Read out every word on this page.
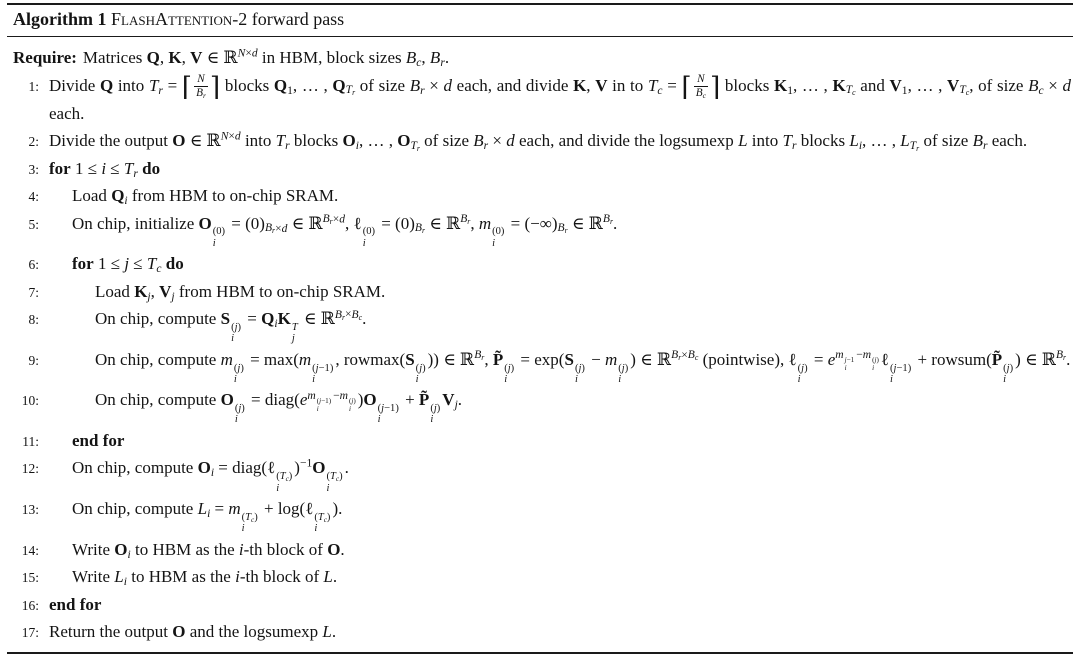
Algorithm 1 FlashAttention-2 forward pass
Require: Matrices Q, K, V ∈ ℝ$^{N\times d}$ in HBM, block sizes $B_c$, $B_r$.
1: Divide Q into $T_r$ = ⌈ $\frac{N}{B_r}$ ⌉ blocks $Q_1$, … , $Q_{T_r}$ of size $B_r \times d$ each, and divide K, V in to $T_c$ = ⌈ $\frac{N}{B_c}$ ⌉ blocks $K_1$, … , $K_{T_c}$ and $V_1$, … , $V_{T_c}$, of size $B_c \times d$ each.
2: Divide the output O ∈ ℝ$^{N\times d}$ into $T_r$ blocks $O_i$, … , $O_{T_r}$ of size $B_r \times d$ each, and divide the logsumexp L into $T_r$ blocks $L_i$, … , $L_{T_r}$ of size $B_r$ each.
3: for $1 \le i \le T_r$ do
4:	Load $Q_i$ from HBM to on-chip SRAM.
5:	On chip, initialize O (0)
i
= $(0)_{B_r\times d}$ ∈ ℝ$^{B_r\times d}$, ℓ (0)
i
= $(0)_{B_r}$ ∈ ℝ$^{B_r}$, m (0)
i
= $(-\infty)_{B_r}$ ∈ ℝ$^{B_r}$.
6:	for $1 \le j \le T_c$ do
7:	Load $K_j$, $V_j$ from HBM to on-chip SRAM.
8:	On chip, compute S (j)
i
= $Q_iK$ T
j
∈ ℝ$^{B_r\times B_c}$.
9:	On chip, compute m (j)
i
= max(m (j−1)
i
, rowmax(S (j)
i
)) ∈ ℝ$^{B_r}$, P̃ (j)
i
= exp(S (j)
i
− m (j)
i
) ∈ ℝ$^{B_r\times B_c}$ (pointwise), ℓ (j)
i
= $e^{m j-1 i -m (j) i}$ ℓ (j−1)
i
+ rowsum(P̃ (j)
i
) ∈ ℝ$^{B_r}$.
10:	On chip, compute O (j)
i
= $diag(e^{m (j-1) i -m (j) i}$ )O (j−1)
i
+ P̃ (j)
i
$V_j$.
11:	end for
12:	On chip, compute $O_i$ = diag(ℓ $(T_c)$
i
)$^{-1}$O $(T_c)$
i
.
13:	On chip, compute $L_i = m$ $(T_c)$
i
+ log(ℓ $(T_c)$
i
).
14:	Write $O_i$ to HBM as the i-th block of O.
15:	Write $L_i$ to HBM as the i-th block of L.
16: end for
17: Return the output O and the logsumexp L.
